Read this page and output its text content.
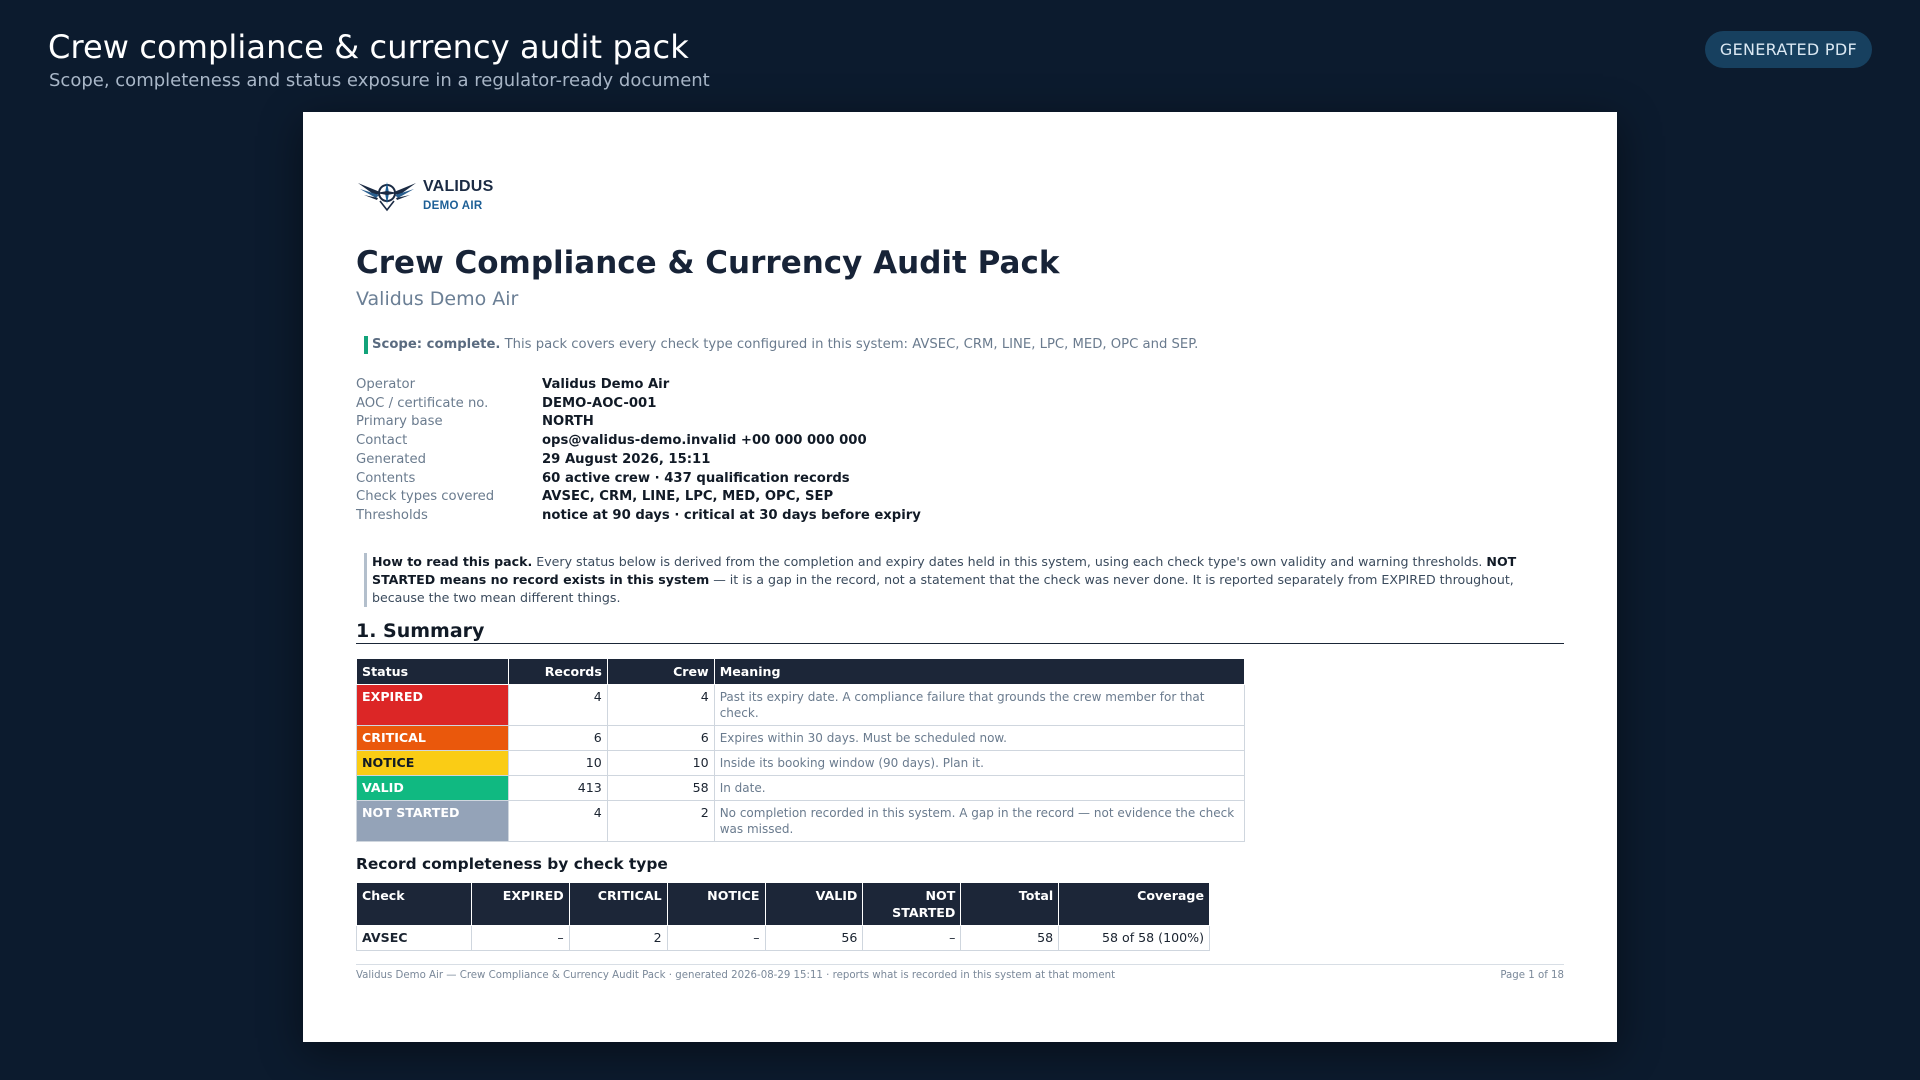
Crew compliance & currency audit pack
Scope, completeness and status exposure in a regulator-ready document
GENERATED PDF
VALIDUS
DEMO AIR
Crew Compliance & Currency Audit Pack
Validus Demo Air
Scope: complete. This pack covers every check type configured in this system: AVSEC, CRM, LINE, LPC, MED, OPC and SEP.
Operator	Validus Demo Air
AOC / certificate no.	DEMO-AOC-001
Primary base	NORTH
Contact	ops@validus-demo.invalid +00 000 000 000
Generated	29 August 2026, 15:11
Contents	60 active crew · 437 qualification records
Check types covered	AVSEC, CRM, LINE, LPC, MED, OPC, SEP
Thresholds	notice at 90 days · critical at 30 days before expiry
How to read this pack. Every status below is derived from the completion and expiry dates held in this system, using each check type's own validity and warning thresholds. NOT STARTED means no record exists in this system — it is a gap in the record, not a statement that the check was never done. It is reported separately from EXPIRED throughout, because the two mean different things.
1. Summary
Status	Records	Crew	Meaning
EXPIRED	4	4	Past its expiry date. A compliance failure that grounds the crew member for that check.
CRITICAL	6	6	Expires within 30 days. Must be scheduled now.
NOTICE	10	10	Inside its booking window (90 days). Plan it.
VALID	413	58	In date.
NOT STARTED	4	2	No completion recorded in this system. A gap in the record — not evidence the check was missed.
Record completeness by check type
Check	EXPIRED	CRITICAL	NOTICE	VALID	NOT STARTED	Total	Coverage
AVSEC	–	2	–	56	–	58	58 of 58 (100%)
Validus Demo Air — Crew Compliance & Currency Audit Pack · generated 2026-08-29 15:11 · reports what is recorded in this system at that moment	Page 1 of 18
